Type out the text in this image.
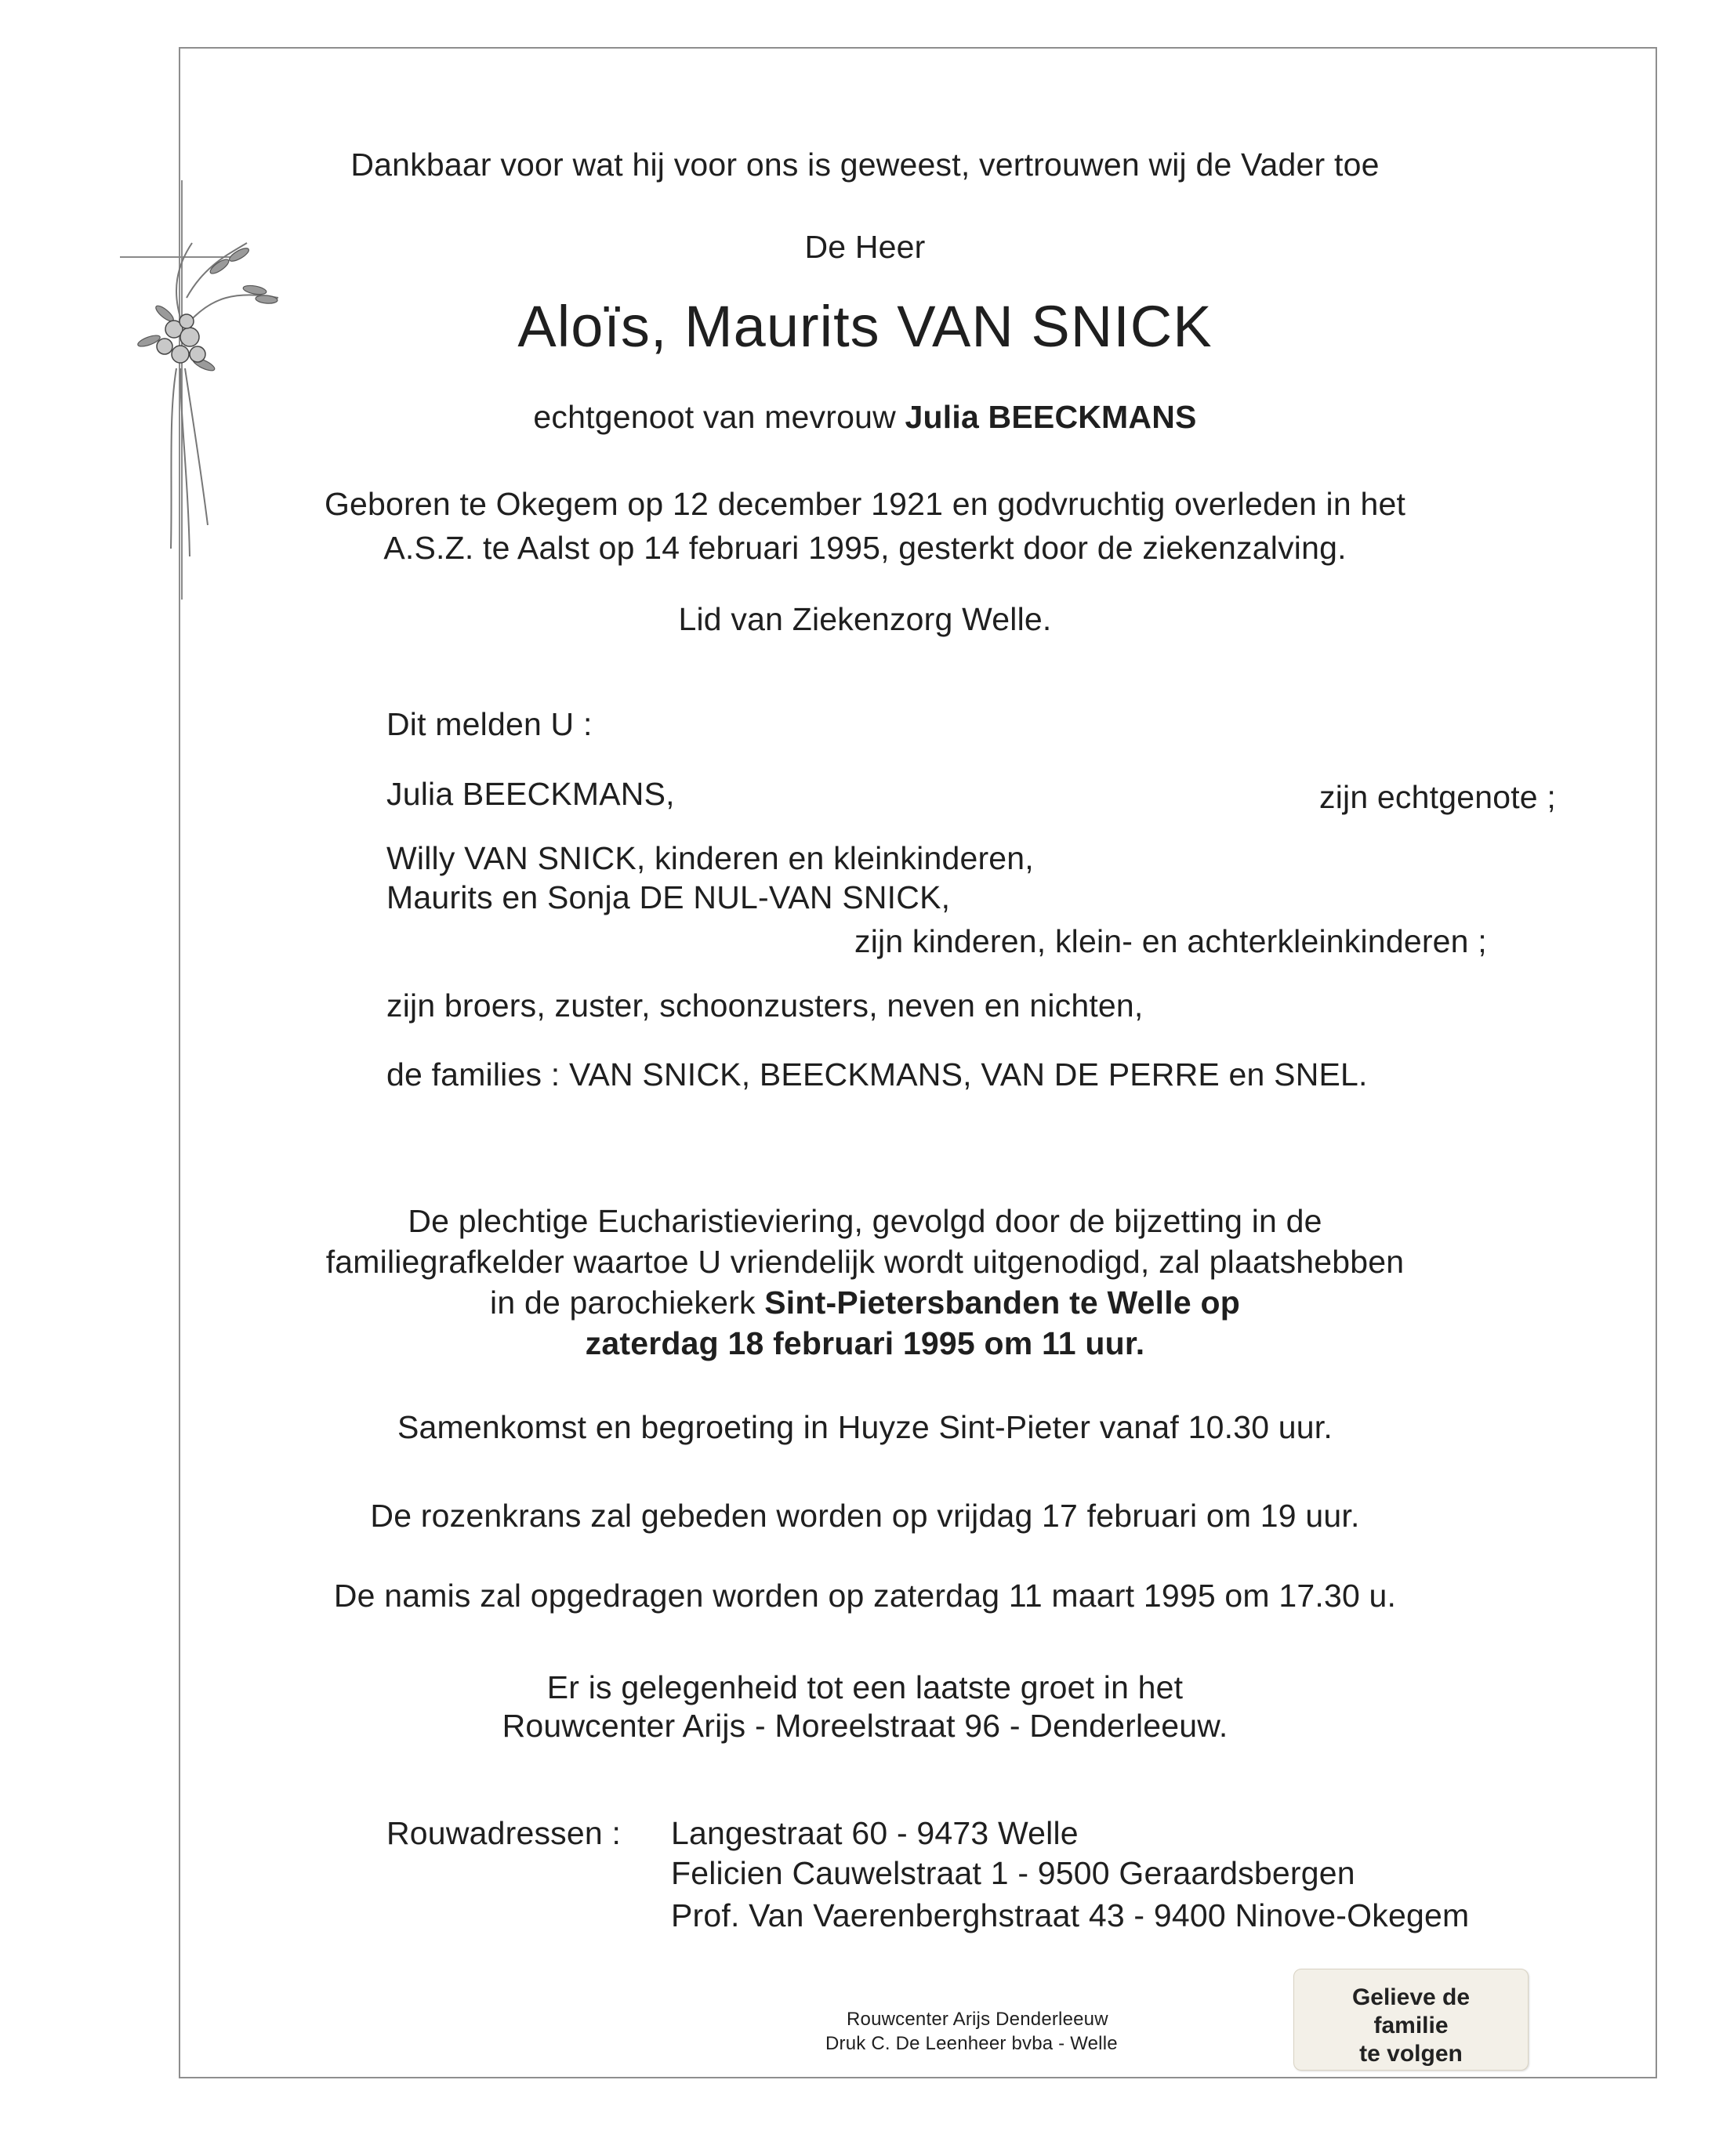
Dankbaar voor wat hij voor ons is geweest, vertrouwen wij de Vader toe
De Heer
Aloïs, Maurits VAN SNICK
echtgenoot van mevrouw Julia BEECKMANS
Geboren te Okegem op 12 december 1921 en godvruchtig overleden in het
A.S.Z. te Aalst op 14 februari 1995, gesterkt door de ziekenzalving.
Lid van Ziekenzorg Welle.
Dit melden U :
Julia BEECKMANS,	zijn echtgenote ;
Willy VAN SNICK, kinderen en kleinkinderen,
Maurits en Sonja DE NUL-VAN SNICK,
zijn kinderen, klein- en achterkleinkinderen ;
zijn broers, zuster, schoonzusters, neven en nichten,
de families : VAN SNICK, BEECKMANS, VAN DE PERRE en SNEL.
De plechtige Eucharistieviering, gevolgd door de bijzetting in de
familiegrafkelder waartoe U vriendelijk wordt uitgenodigd, zal plaatshebben
in de parochiekerk Sint-Pietersbanden te Welle op
zaterdag 18 februari 1995 om 11 uur.
Samenkomst en begroeting in Huyze Sint-Pieter vanaf 10.30 uur.
De rozenkrans zal gebeden worden op vrijdag 17 februari om 19 uur.
De namis zal opgedragen worden op zaterdag 11 maart 1995 om 17.30 u.
Er is gelegenheid tot een laatste groet in het
Rouwcenter Arijs - Moreelstraat 96 - Denderleeuw.
Rouwadressen : Langestraat 60 - 9473 Welle
Felicien Cauwelstraat 1 - 9500 Geraardsbergen
Prof. Van Vaerenberghstraat 43 - 9400 Ninove-Okegem
Rouwcenter Arijs Denderleeuw
Druk C. De Leenheer bvba - Welle
Gelieve de
familie
te volgen
